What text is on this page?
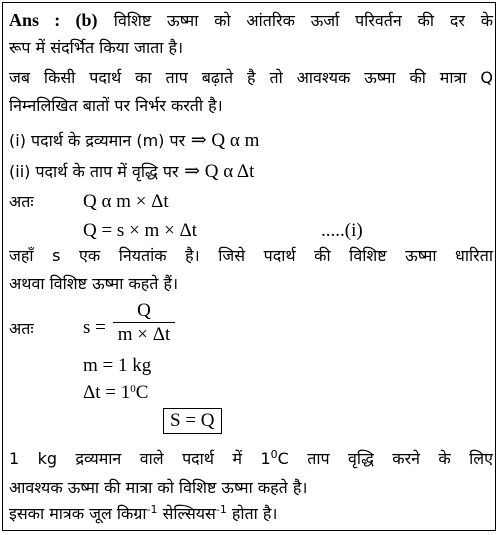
Ans : (b) विशिष्ट ऊष्मा को आंतरिक ऊर्जा परिवर्तन की दर के
रूप में संदर्भित किया जाता है।
जब किसी पदार्थ का ताप बढ़ाते है तो आवश्यक ऊष्मा की मात्रा Q
निम्नलिखित बातों पर निर्भर करती है।
(i) पदार्थ के द्रव्यमान (m) पर ⇒ Q α m
(ii) पदार्थ के ताप में वृद्धि पर ⇒ Q α Δt
अतः	Q α m × Δt
Q = s × m × Δt	.....(i)
जहाँ s एक नियतांक है। जिसे पदार्थ की विशिष्ट ऊष्मा धारिता
अथवा विशिष्ट ऊष्मा कहते हैं।
अतः	s =
Q
m × Δt
m = 1 kg
$\Delta t = 1^0C$
S = Q
1 kg द्रव्यमान वाले पदार्थ में $1^0C$ ताप वृद्धि करने के लिए
आवश्यक ऊष्मा की मात्रा को विशिष्ट ऊष्मा कहते है।
इसका मात्रक जूल किग्रा$^{-1}$ सेल्सियस$^{-1}$ होता है।
